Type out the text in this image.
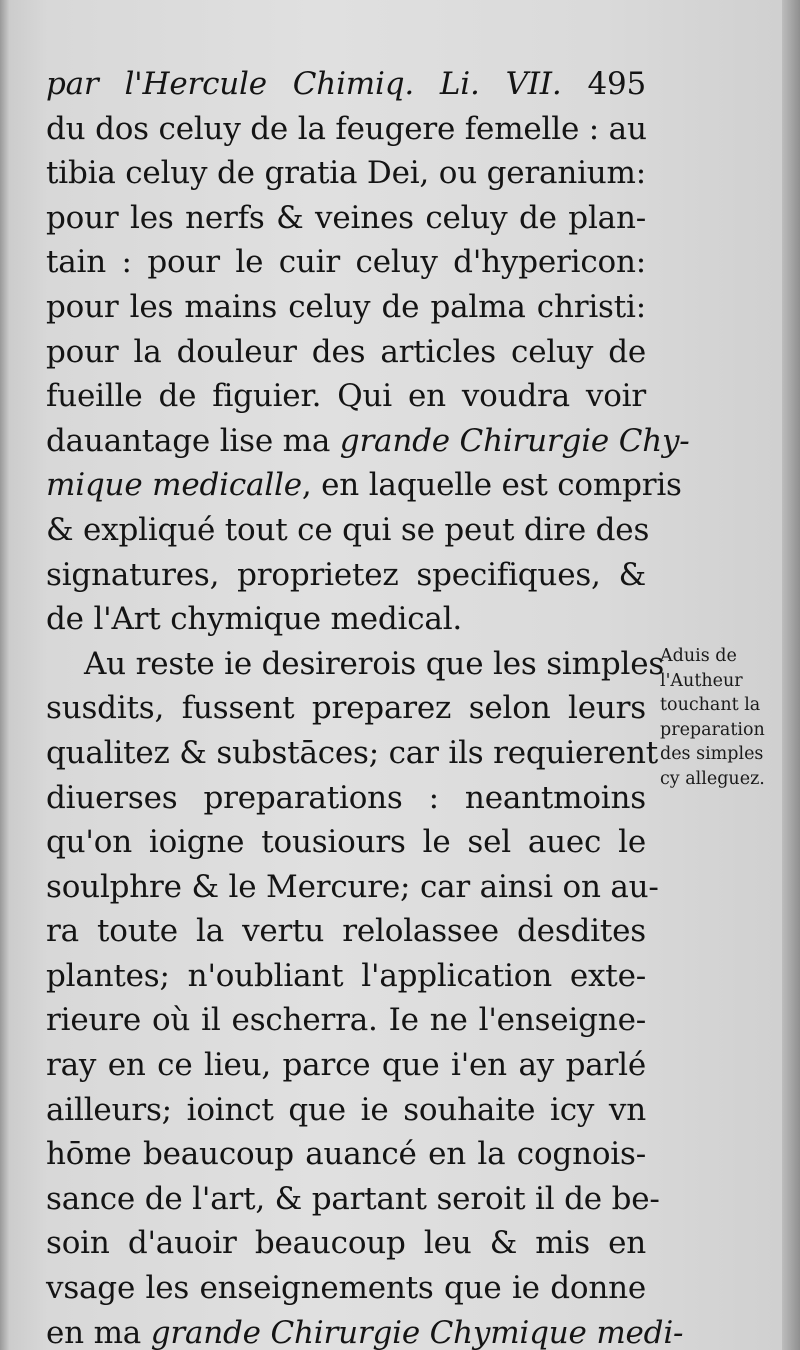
par l'Hercule Chimiq. Li. VII. 495
du dos celuy de la feugere femelle : au
tibia celuy de gratia Dei, ou geranium:
pour les nerfs & veines celuy de plan-
tain : pour le cuir celuy d'hypericon:
pour les mains celuy de palma christi:
pour la douleur des articles celuy de
fueille de figuier. Qui en voudra voir
dauantage lise ma grande Chirurgie Chy-
mique medicalle, en laquelle est compris
& expliqué tout ce qui se peut dire des
signatures, proprietez specifiques, &
de l'Art chymique medical.
Au reste ie desirerois que les simples
susdits, fussent preparez selon leurs
qualitez & substāces; car ils requierent
diuerses preparations : neantmoins
qu'on ioigne tousiours le sel auec le
soulphre & le Mercure; car ainsi on au-
ra toute la vertu relolassee desdites
plantes; n'oubliant l'application exte-
rieure où il escherra. Ie ne l'enseigne-
ray en ce lieu, parce que i'en ay parlé
ailleurs; ioinct que ie souhaite icy vn
hōme beaucoup auancé en la cognois-
sance de l'art, & partant seroit il de be-
soin d'auoir beaucoup leu & mis en
vsage les enseignements que ie donne
en ma grande Chirurgie Chymique medi-
Aduis de
l'Autheur
touchant la
preparation
des simples
cy alleguez.
